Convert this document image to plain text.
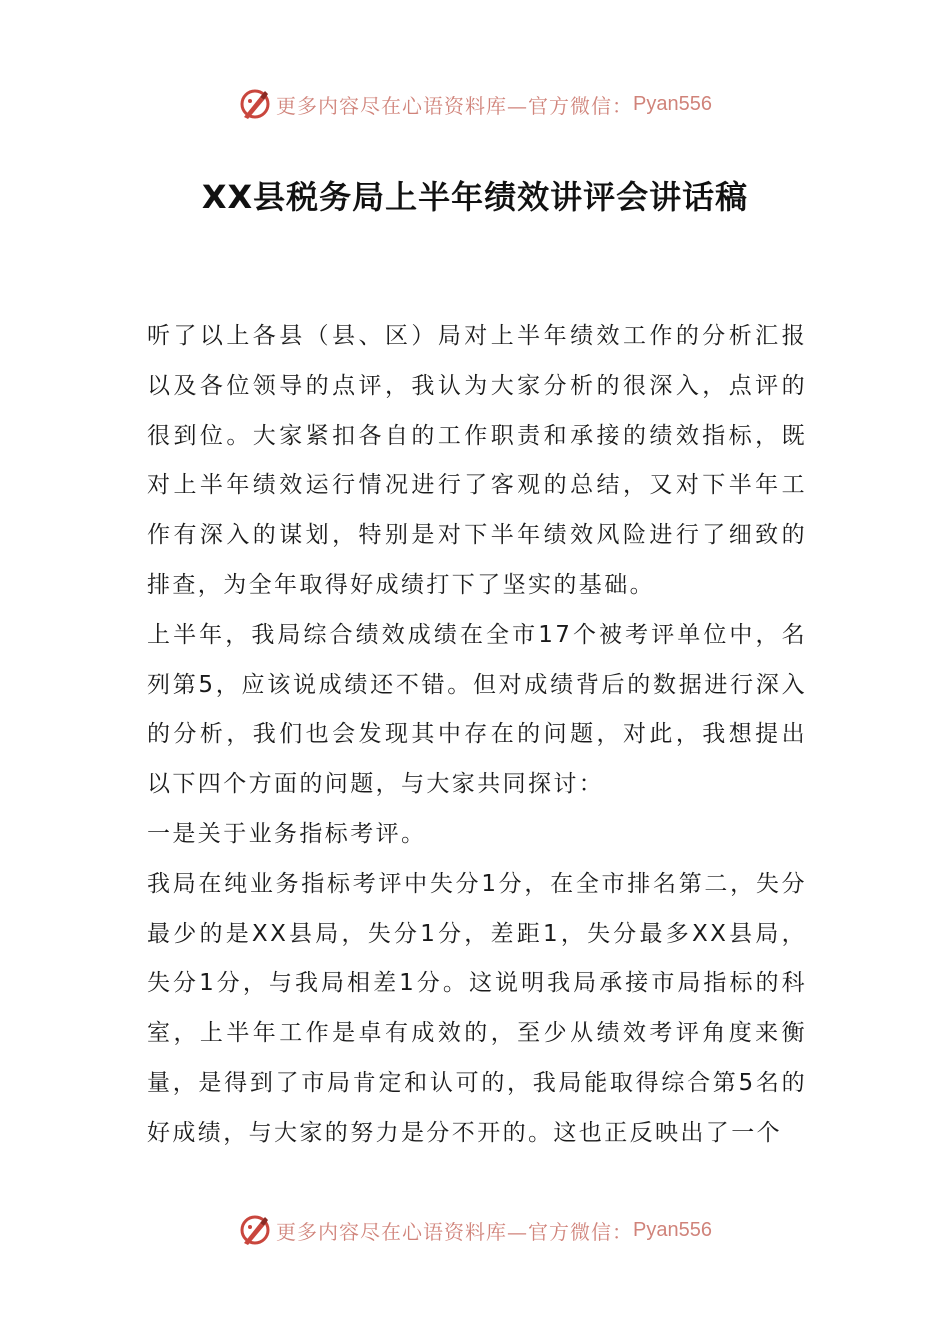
更多内容尽在心语资料库—官方微信： Pyan556
XX县税务局上半年绩效讲评会讲话稿

听了以上各县（县、区）局对上半年绩效工作的分析汇报以及各位领导的点评，我认为大家分析的很深入，点评的很到位。大家紧扣各自的工作职责和承接的绩效指标，既对上半年绩效运行情况进行了客观的总结，又对下半年工作有深入的谋划，特别是对下半年绩效风险进行了细致的排查，为全年取得好成绩打下了坚实的基础。

上半年，我局综合绩效成绩在全市17个被考评单位中，名列第5，应该说成绩还不错。但对成绩背后的数据进行深入的分析，我们也会发现其中存在的问题，对此，我想提出以下四个方面的问题，与大家共同探讨：

一是关于业务指标考评。

我局在纯业务指标考评中失分1分，在全市排名第二，失分最少的是XX县局，失分1分，差距1，失分最多XX县局，失分1分，与我局相差1分。这说明我局承接市局指标的科室，上半年工作是卓有成效的，至少从绩效考评角度来衡量，是得到了市局肯定和认可的，我局能取得综合第5名的好成绩，与大家的努力是分不开的。这也正反映出了一个

更多内容尽在心语资料库—官方微信： Pyan556
